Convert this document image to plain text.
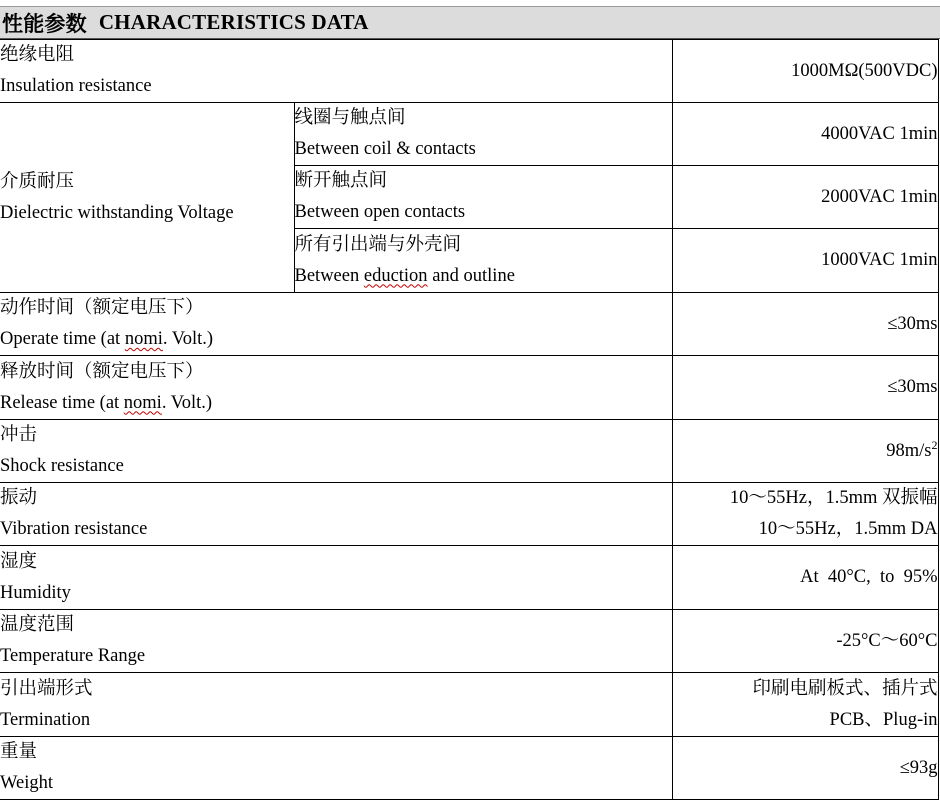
性能参数 CHARACTERISTICS DATA
绝缘电阻
Insulation resistance		1000MΩ(500VDC)

介质耐压
Dielectric withstanding Voltage	线圈与触点间
Between coil & contacts	4000VAC 1min

	断开触点间
Between open contacts	2000VAC 1min

	所有引出端与外壳间
Between eduction and outline	1000VAC 1min

动作时间（额定电压下）
Operate time (at nomi. Volt.)		≤30ms

释放时间（额定电压下）
Release time (at nomi. Volt.)		≤30ms

冲击
Shock resistance		$98m/s^2$

振动
Vibration resistance		10～55Hz，1.5mm 双振幅
10～55Hz，1.5mm DA

湿度
Humidity		At  40°C,  to  95%

温度范围
Temperature Range		-25°C～60°C

引出端形式
Termination		印刷电刷板式、插片式
PCB、Plug-in

重量
Weight		≤93g
